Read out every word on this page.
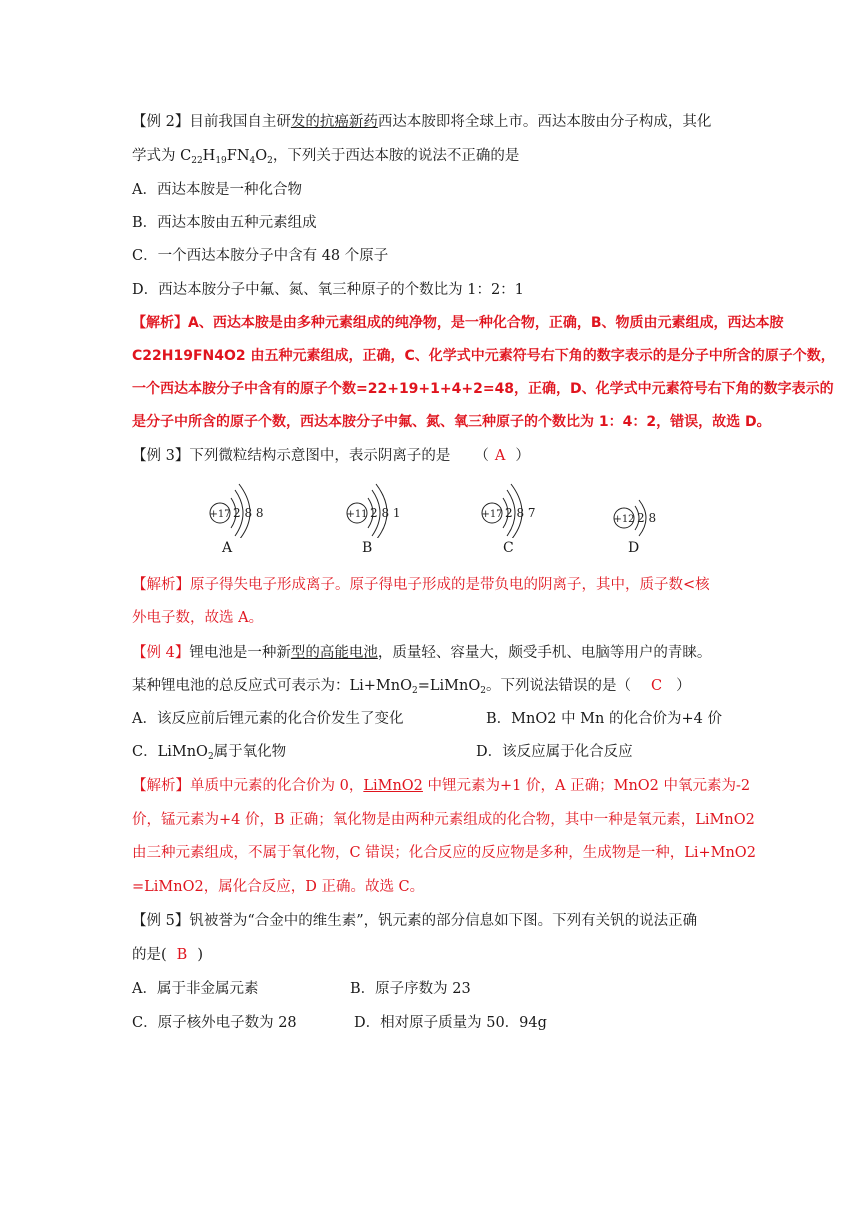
【例 2】目前我国自主研发的抗癌新药西达本胺即将全球上市。西达本胺由分子构成，其化
学式为 $C_{22}H_{19}FN_4O_2$，下列关于西达本胺的说法不正确的是
A．西达本胺是一种化合物
B．西达本胺由五种元素组成
C．一个西达本胺分子中含有 48 个原子
D．西达本胺分子中氟、氮、氧三种原子的个数比为 1：2：1
【解析】A、西达本胺是由多种元素组成的纯净物，是一种化合物，正确，B、物质由元素组成，西达本胺
C22H19FN4O2 由五种元素组成，正确，C、化学式中元素符号右下角的数字表示的是分子中所含的原子个数，
一个西达本胺分子中含有的原子个数=22+19+1+4+2=48，正确，D、化学式中元素符号右下角的数字表示的
是分子中所含的原子个数，西达本胺分子中氟、氮、氧三种原子的个数比为 1：4：2，错误，故选 D。
【例 3】下列微粒结构示意图中，表示阴离子的是 （ A ）
+17 2 8 8
A
+11 2 8 1
B
+17 2 8 7
C
+12 2 8
D
【解析】原子得失电子形成离子。原子得电子形成的是带负电的阴离子，其中，质子数<核
外电子数，故选 A。
【例 4】锂电池是一种新型的高能电池，质量轻、容量大，颇受手机、电脑等用户的青睐。
某种锂电池的总反应式可表示为：Li+MnO$_2$=LiMnO$_2$。下列说法错误的是（ C ）
A．该反应前后锂元素的化合价发生了变化	B．MnO2 中 Mn 的化合价为+4 价
C．LiMnO$_2$属于氧化物	D．该反应属于化合反应
【解析】单质中元素的化合价为 0，LiMnO2 中锂元素为+1 价，A 正确；MnO2 中氧元素为-2
价，锰元素为+4 价，B 正确；氧化物是由两种元素组成的化合物，其中一种是氧元素，LiMnO2
由三种元素组成，不属于氧化物，C 错误；化合反应的反应物是多种，生成物是一种，Li+MnO2
=LiMnO2，属化合反应，D 正确。故选 C。
【例 5】钒被誉为“合金中的维生素”，钒元素的部分信息如下图。下列有关钒的说法正确
的是( B )
A．属于非金属元素	B．原子序数为 23
C．原子核外电子数为 28	D．相对原子质量为 50．94g
